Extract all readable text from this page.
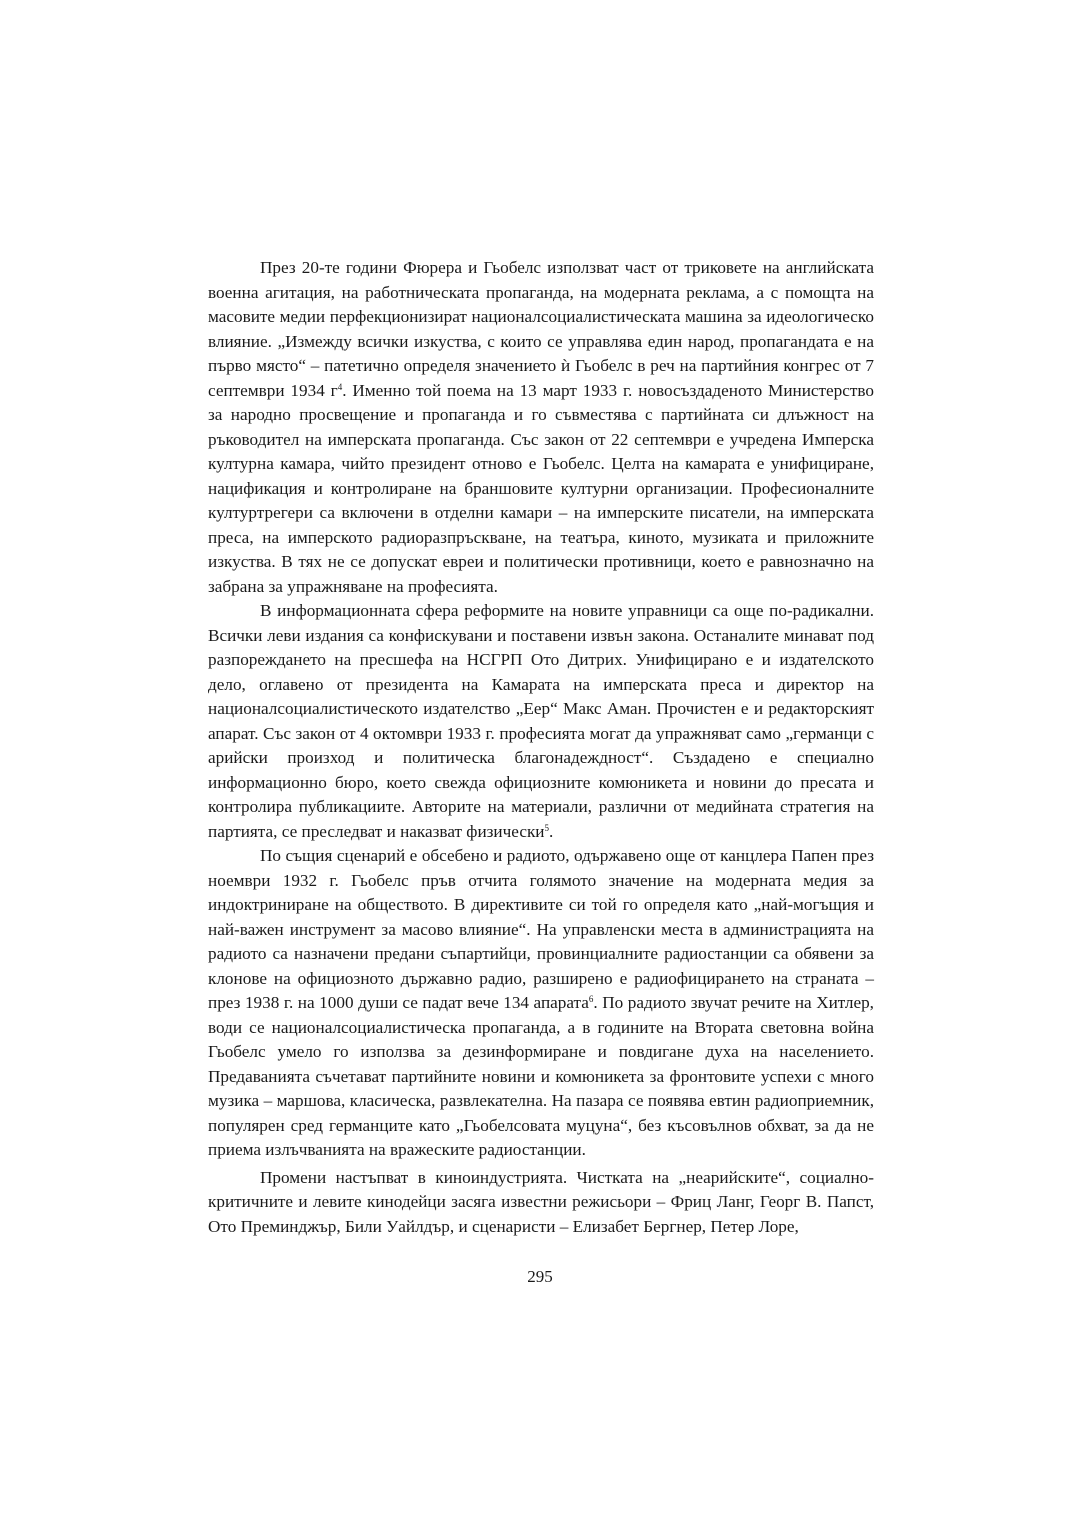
През 20-те години Фюрера и Гьобелс използват част от триковете на английската военна агитация, на работническата пропаганда, на модерната реклама, а с помощта на масовите медии перфекционизират националсоциалистическата машина за идеологическо влияние. „Измежду всички изкуства, с които се управлява един народ, пропагандата е на първо място“ – патетично определя значението ѝ Гьобелс в реч на партийния конгрес от 7 септември 1934 $г^4$. Именно той поема на 13 март 1933 г. новосъздаденото Министерство за народно просвещение и пропаганда и го съвместява с партийната си длъжност на ръководител на имперската пропаганда. Със закон от 22 септември е учредена Имперска културна камара, чийто президент отново е Гьобелс. Целта на камарата е унифициране, нацификация и контролиране на браншовите културни организации. Професионалните културтрегери са включени в отделни камари – на имперските писатели, на имперската преса, на имперското радиоразпръскване, на театъра, киното, музиката и приложните изкуства. В тях не се допускат евреи и политически противници, което е равнозначно на забрана за упражняване на професията.

В информационната сфера реформите на новите управници са още по-радикални. Всички леви издания са конфискувани и поставени извън закона. Останалите минават под разпореждането на пресшефа на НСГРП Ото Дитрих. Унифицирано е и издателското дело, оглавено от президента на Камарата на имперската преса и директор на националсоциалистическото издателство „Еер“ Макс Аман. Прочистен е и редакторският апарат. Със закон от 4 октомври 1933 г. професията могат да упражняват само „германци с арийски произход и политическа благонадеждност“. Създадено е специално информационно бюро, което свежда официозните комюникета и новини до пресата и контролира публикациите. Авторите на материали, различни от медийната стратегия на партията, се преследват и наказват физически$^5$.

По същия сценарий е обсебено и радиото, одържавено още от канцлера Папен през ноември 1932 г. Гьобелс пръв отчита голямото значение на модерната медия за индоктриниране на обществото. В директивите си той го определя като „най-могъщия и най-важен инструмент за масово влияние“. На управленски места в администрацията на радиото са назначени предани съпартийци, провинциалните радиостанции са обявени за клонове на официозното държавно радио, разширено е радиофицирането на страната – през 1938 г. на 1000 души се падат вече 134 апарата$^6$. По радиото звучат речите на Хитлер, води се националсоциалистическа пропаганда, а в годините на Втората световна война Гьобелс умело го използва за дезинформиране и повдигане духа на населението. Предаванията съчетават партийните новини и комюникета за фронтовите успехи с много музика – маршова, класическа, развлекателна. На пазара се появява евтин радиоприемник, популярен сред германците като „Гьобелсовата муцуна“, без късовълнов обхват, за да не приема излъчванията на вражеските радиостанции.

Промени настъпват в киноиндустрията. Чистката на „неарийските“, социално-критичните и левите кинодейци засяга известни режисьори – Фриц Ланг, Георг В. Папст, Ото Преминджър, Били Уайлдър, и сценаристи – Елизабет Бергнер, Петер Лоре,

295
